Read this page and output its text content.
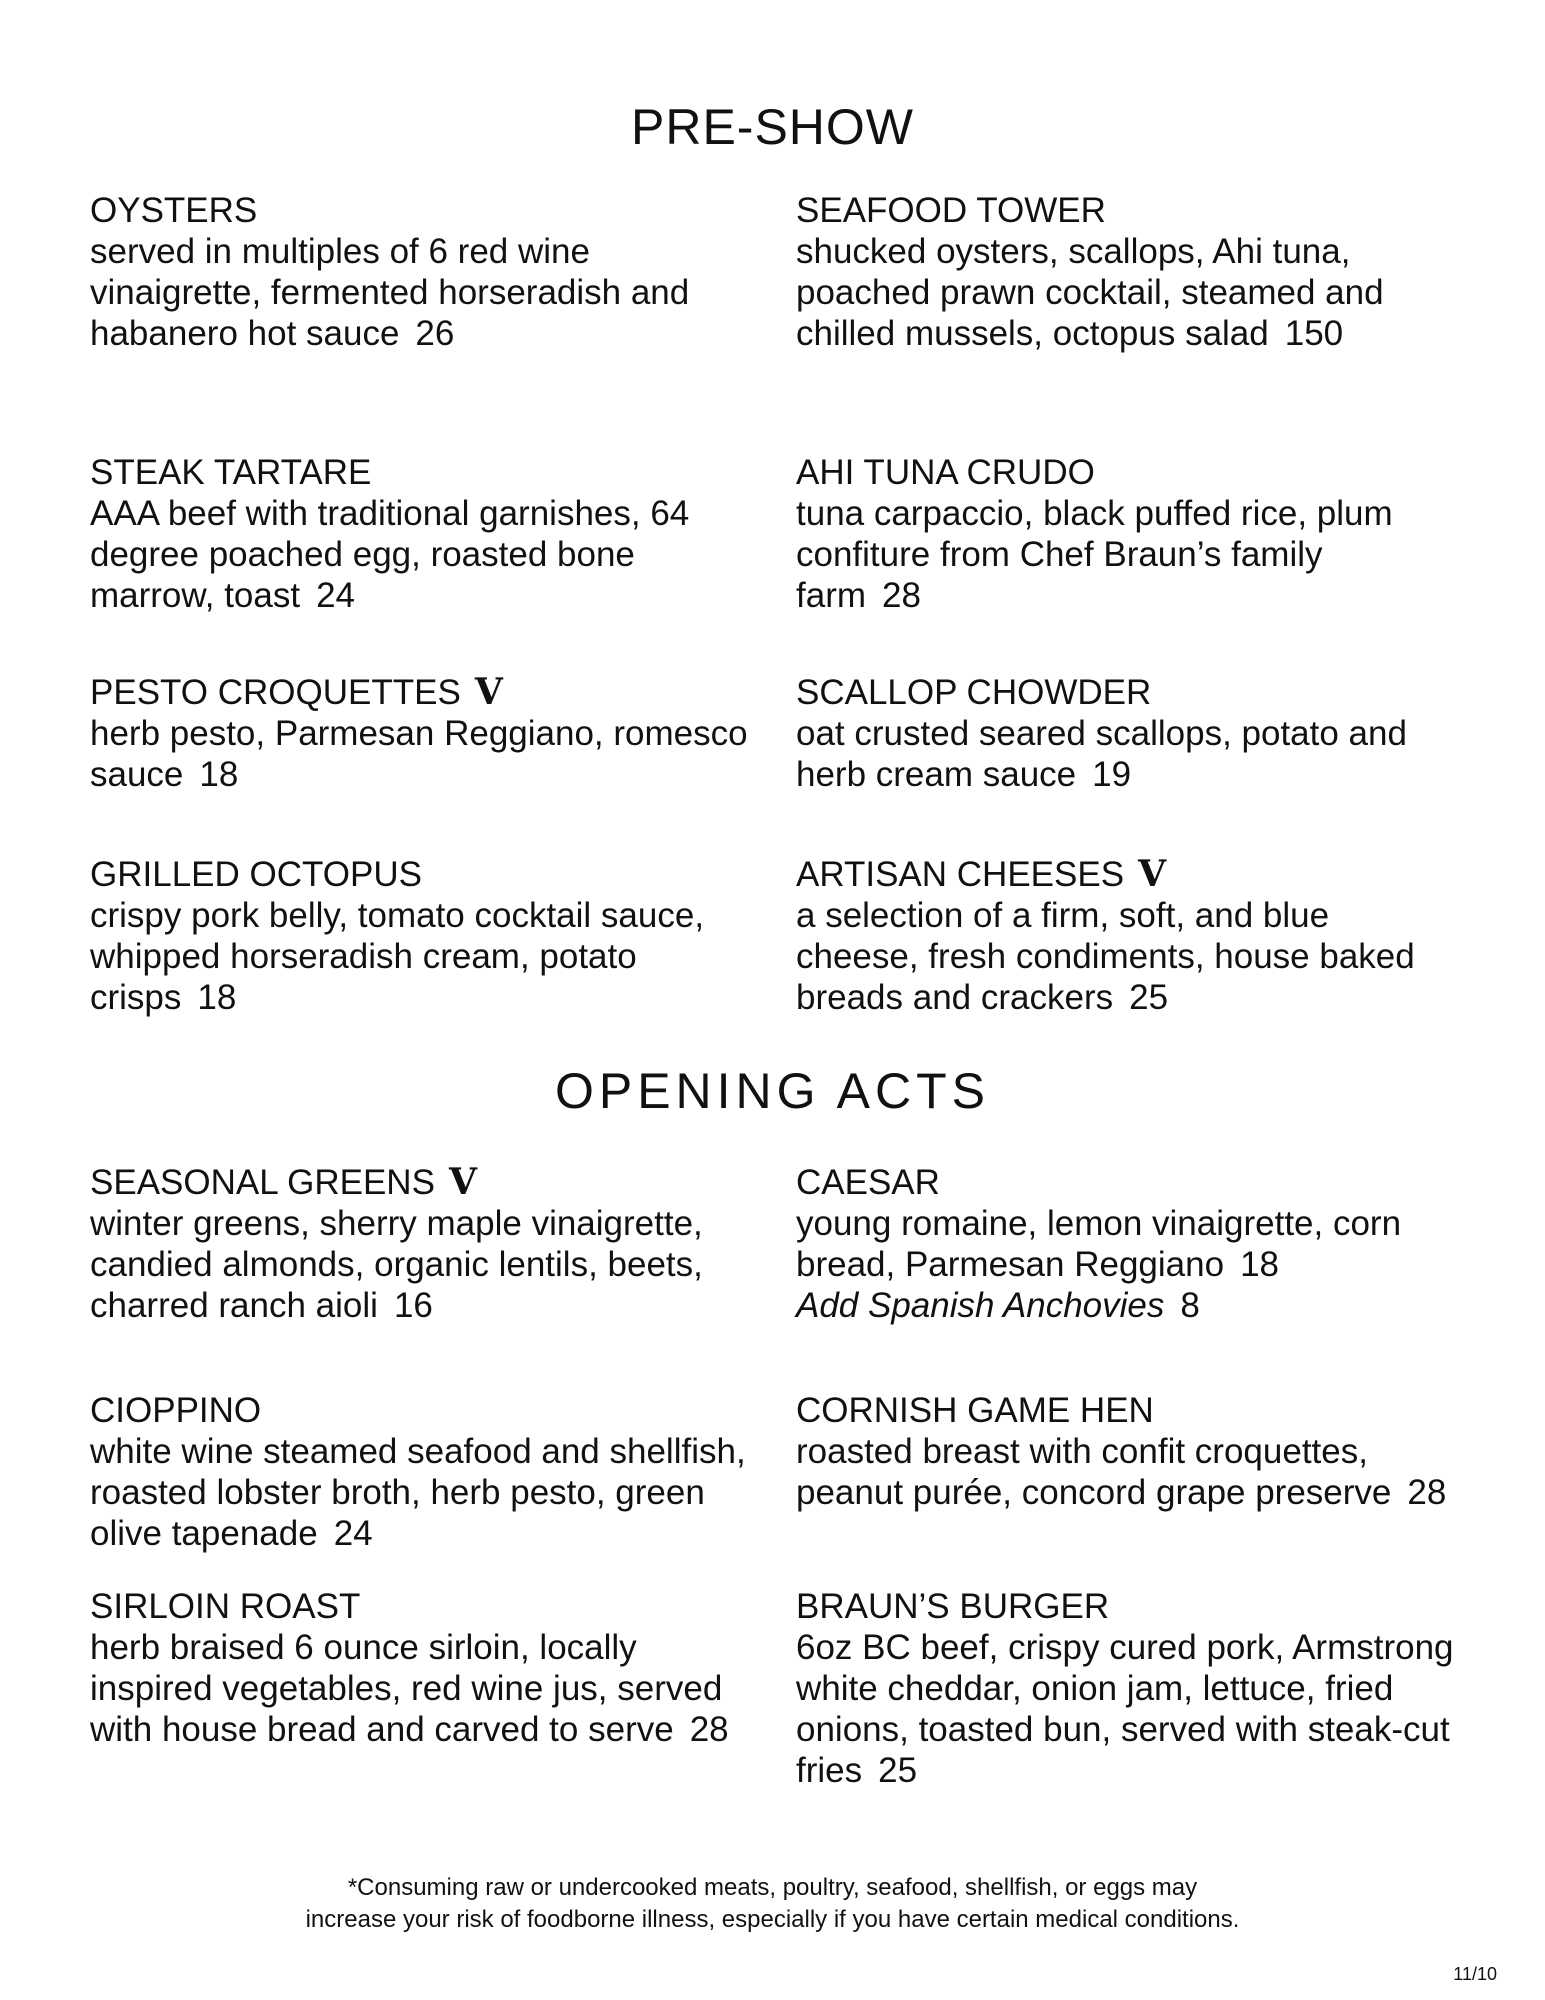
PRE-SHOW
OYSTERS
served in multiples of 6 red wine vinaigrette, fermented horseradish and habanero hot sauce 26
STEAK TARTARE
AAA beef with traditional garnishes, 64 degree poached egg, roasted bone marrow, toast 24
PESTO CROQUETTES V
herb pesto, Parmesan Reggiano, romesco sauce 18
GRILLED OCTOPUS
crispy pork belly, tomato cocktail sauce, whipped horseradish cream, potato crisps 18
SEAFOOD TOWER
shucked oysters, scallops, Ahi tuna, poached prawn cocktail, steamed and chilled mussels, octopus salad 150
AHI TUNA CRUDO
tuna carpaccio, black puffed rice, plum confiture from Chef Braun’s family farm 28
SCALLOP CHOWDER
oat crusted seared scallops, potato and herb cream sauce 19
ARTISAN CHEESES V
a selection of a firm, soft, and blue cheese, fresh condiments, house baked breads and crackers 25
OPENING ACTS
SEASONAL GREENS V
winter greens, sherry maple vinaigrette, candied almonds, organic lentils, beets, charred ranch aioli 16
CIOPPINO
white wine steamed seafood and shellfish, roasted lobster broth, herb pesto, green olive tapenade 24
SIRLOIN ROAST
herb braised 6 ounce sirloin, locally inspired vegetables, red wine jus, served with house bread and carved to serve 28
CAESAR
young romaine, lemon vinaigrette, corn bread, Parmesan Reggiano 18
Add Spanish Anchovies 8
CORNISH GAME HEN
roasted breast with confit croquettes, peanut purée, concord grape preserve 28
BRAUN’S BURGER
6oz BC beef, crispy cured pork, Armstrong white cheddar, onion jam, lettuce, fried onions, toasted bun, served with steak-cut fries 25
*Consuming raw or undercooked meats, poultry, seafood, shellfish, or eggs may
increase your risk of foodborne illness, especially if you have certain medical conditions.
11/10
